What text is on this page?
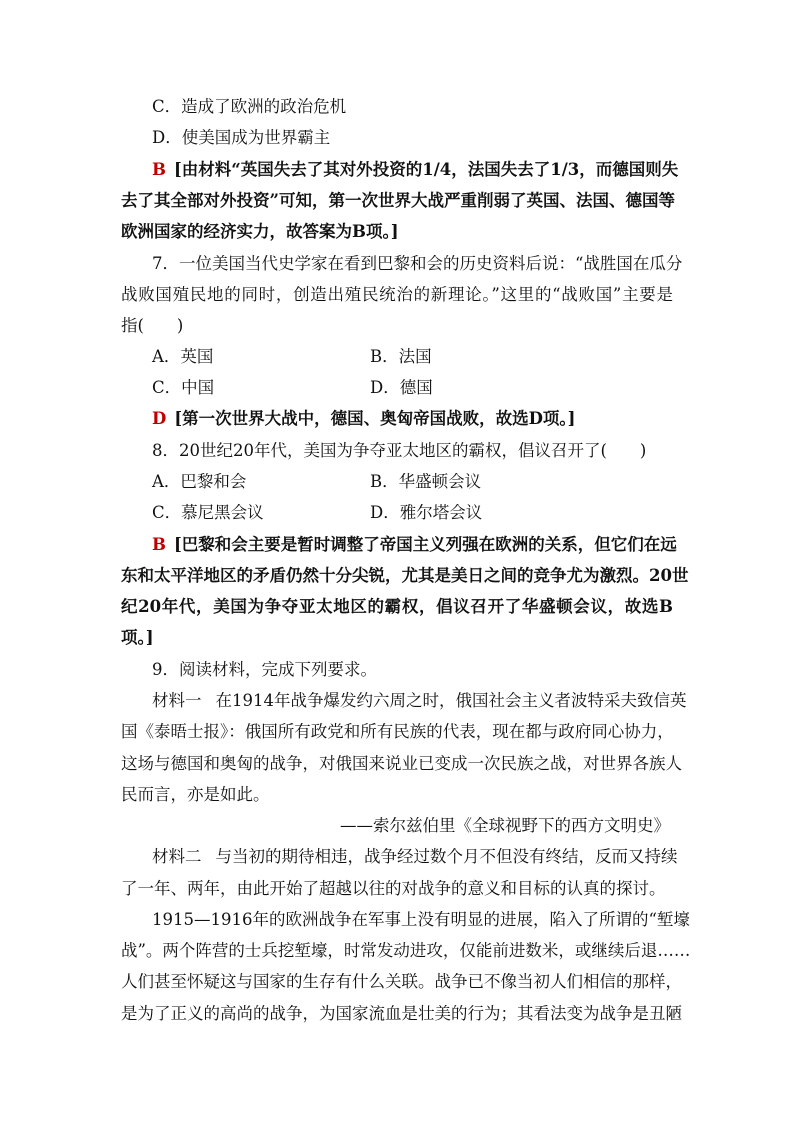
C．造成了欧洲的政治危机
D．使美国成为世界霸主
B [由材料“英国失去了其对外投资的1/4，法国失去了1/3，而德国则失
去了其全部对外投资”可知，第一次世界大战严重削弱了英国、法国、德国等
欧洲国家的经济实力，故答案为B项。]
7．一位美国当代史学家在看到巴黎和会的历史资料后说：“战胜国在瓜分
战败国殖民地的同时，创造出殖民统治的新理论。”这里的“战败国”主要是
指(　　)
A．英国	B．法国
C．中国	D．德国
D [第一次世界大战中，德国、奥匈帝国战败，故选D项。]
8．20世纪20年代，美国为争夺亚太地区的霸权，倡议召开了(　　)
A．巴黎和会	B．华盛顿会议
C．慕尼黑会议	D．雅尔塔会议
B [巴黎和会主要是暂时调整了帝国主义列强在欧洲的关系，但它们在远
东和太平洋地区的矛盾仍然十分尖锐，尤其是美日之间的竞争尤为激烈。20世
纪20年代，美国为争夺亚太地区的霸权，倡议召开了华盛顿会议，故选B
项。]
9．阅读材料，完成下列要求。
材料一 在1914年战争爆发约六周之时，俄国社会主义者波特采夫致信英
国《泰晤士报》：俄国所有政党和所有民族的代表，现在都与政府同心协力，
这场与德国和奥匈的战争，对俄国来说业已变成一次民族之战，对世界各族人
民而言，亦是如此。
——索尔兹伯里《全球视野下的西方文明史》
材料二 与当初的期待相违，战争经过数个月不但没有终结，反而又持续
了一年、两年，由此开始了超越以往的对战争的意义和目标的认真的探讨。
1915—1916年的欧洲战争在军事上没有明显的进展，陷入了所谓的“堑壕
战”。两个阵营的士兵挖堑壕，时常发动进攻，仅能前进数米，或继续后退……
人们甚至怀疑这与国家的生存有什么关联。战争已不像当初人们相信的那样，
是为了正义的高尚的战争，为国家流血是壮美的行为；其看法变为战争是丑陋
